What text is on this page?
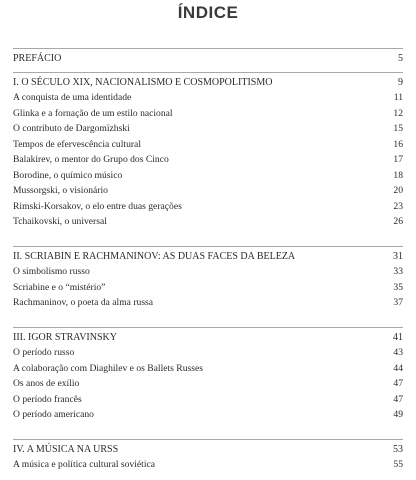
ÍNDICE
PREFÁCIO	5
I. O SÉCULO XIX, NACIONALISMO E COSMOPOLITISMO	9
A conquista de uma identidade	11
Glinka e a fornação de um estilo nacional	12
O contributo de Dargomïzhski	15
Tempos de efervescência cultural	16
Balakirev, o mentor do Grupo dos Cinco	17
Borodine, o químico músico	18
Mussorgski, o visionário	20
Rimski-Korsakov, o elo entre duas gerações	23
Tchaikovski, o universal	26
II. SCRIABIN E RACHMANINOV: AS DUAS FACES DA BELEZA	31
O simbolismo russo	33
Scriabine e o “mistério”	35
Rachmaninov, o poeta da alma russa	37
III. IGOR STRAVINSKY	41
O período russo	43
A colaboração com Diaghilev e os Ballets Russes	44
Os anos de exílio	47
O período francês	47
O período americano	49
IV. A MÚSICA NA URSS	53
A música e política cultural soviética	55
